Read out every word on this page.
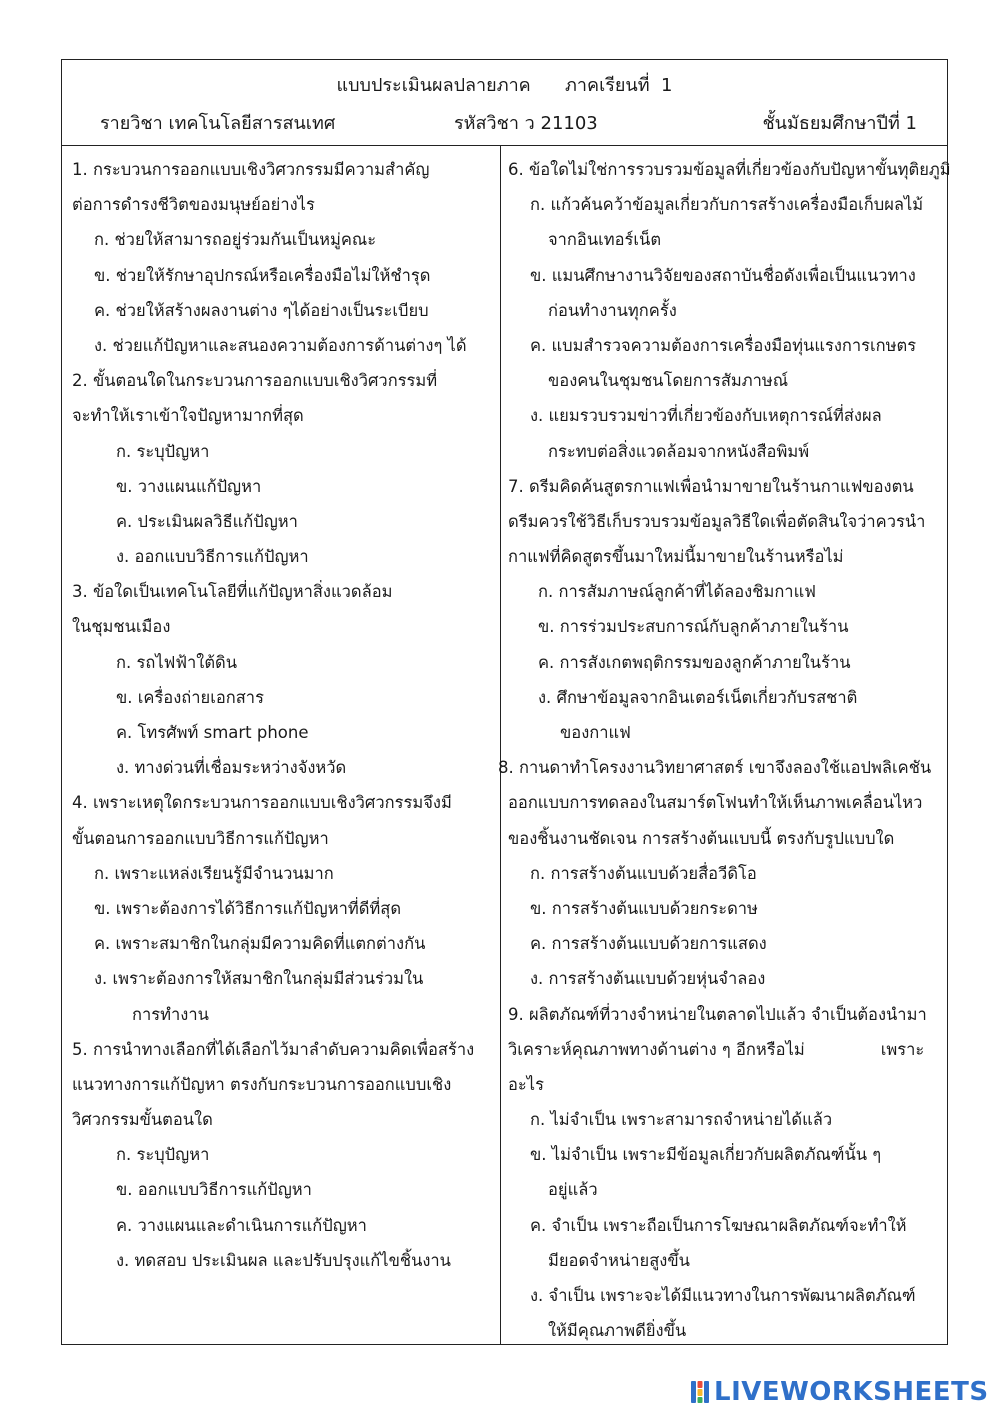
แบบประเมินผลปลายภาค      ภาคเรียนที่  1
รายวิชา เทคโนโลยีสารสนเทศ	รหัสวิชา ว 21103	ชั้นมัธยมศึกษาปีที่ 1
1. กระบวนการออกแบบเชิงวิศวกรรมมีความสำคัญ
ต่อการดำรงชีวิตของมนุษย์อย่างไร
ก. ช่วยให้สามารถอยู่ร่วมกันเป็นหมู่คณะ
ข. ช่วยให้รักษาอุปกรณ์หรือเครื่องมือไม่ให้ชำรุด
ค. ช่วยให้สร้างผลงานต่าง ๆได้อย่างเป็นระเบียบ
ง. ช่วยแก้ปัญหาและสนองความต้องการด้านต่างๆ ได้
2. ขั้นตอนใดในกระบวนการออกแบบเชิงวิศวกรรมที่
จะทำให้เราเข้าใจปัญหามากที่สุด
ก. ระบุปัญหา
ข. วางแผนแก้ปัญหา
ค. ประเมินผลวิธีแก้ปัญหา
ง. ออกแบบวิธีการแก้ปัญหา
3. ข้อใดเป็นเทคโนโลยีที่แก้ปัญหาสิ่งแวดล้อม
ในชุมชนเมือง
ก. รถไฟฟ้าใต้ดิน
ข. เครื่องถ่ายเอกสาร
ค. โทรศัพท์ smart phone
ง. ทางด่วนที่เชื่อมระหว่างจังหวัด
4. เพราะเหตุใดกระบวนการออกแบบเชิงวิศวกรรมจึงมี
ขั้นตอนการออกแบบวิธีการแก้ปัญหา
ก. เพราะแหล่งเรียนรู้มีจำนวนมาก
ข. เพราะต้องการได้วิธีการแก้ปัญหาที่ดีที่สุด
ค. เพราะสมาชิกในกลุ่มมีความคิดที่แตกต่างกัน
ง. เพราะต้องการให้สมาชิกในกลุ่มมีส่วนร่วมใน
การทำงาน
5. การนำทางเลือกที่ได้เลือกไว้มาลำดับความคิดเพื่อสร้าง
แนวทางการแก้ปัญหา ตรงกับกระบวนการออกแบบเชิง
วิศวกรรมขั้นตอนใด
ก. ระบุปัญหา
ข. ออกแบบวิธีการแก้ปัญหา
ค. วางแผนและดำเนินการแก้ปัญหา
ง. ทดสอบ ประเมินผล และปรับปรุงแก้ไขชิ้นงาน
6. ข้อใดไม่ใช่การรวบรวมข้อมูลที่เกี่ยวข้องกับปัญหาขั้นทุติยภูมิ
ก. แก้วค้นคว้าข้อมูลเกี่ยวกับการสร้างเครื่องมือเก็บผลไม้
จากอินเทอร์เน็ต
ข. แมนศึกษางานวิจัยของสถาบันชื่อดังเพื่อเป็นแนวทาง
ก่อนทำงานทุกครั้ง
ค. แบมสำรวจความต้องการเครื่องมือทุ่นแรงการเกษตร
ของคนในชุมชนโดยการสัมภาษณ์
ง. แยมรวบรวมข่าวที่เกี่ยวข้องกับเหตุการณ์ที่ส่งผล
กระทบต่อสิ่งแวดล้อมจากหนังสือพิมพ์
7. ดรีมคิดค้นสูตรกาแฟเพื่อนำมาขายในร้านกาแฟของตน
ดรีมควรใช้วิธีเก็บรวบรวมข้อมูลวิธีใดเพื่อตัดสินใจว่าควรนำ
กาแฟที่คิดสูตรขึ้นมาใหม่นี้มาขายในร้านหรือไม่
ก. การสัมภาษณ์ลูกค้าที่ได้ลองชิมกาแฟ
ข. การร่วมประสบการณ์กับลูกค้าภายในร้าน
ค. การสังเกตพฤติกรรมของลูกค้าภายในร้าน
ง. ศึกษาข้อมูลจากอินเตอร์เน็ตเกี่ยวกับรสชาติ
ของกาแฟ
8. กานดาทำโครงงานวิทยาศาสตร์ เขาจึงลองใช้แอปพลิเคชัน
ออกแบบการทดลองในสมาร์ตโฟนทำให้เห็นภาพเคลื่อนไหว
ของชิ้นงานชัดเจน การสร้างต้นแบบนี้ ตรงกับรูปแบบใด
ก. การสร้างต้นแบบด้วยสื่อวีดิโอ
ข. การสร้างต้นแบบด้วยกระดาษ
ค. การสร้างต้นแบบด้วยการแสดง
ง. การสร้างต้นแบบด้วยหุ่นจำลอง
9. ผลิตภัณฑ์ที่วางจำหน่ายในตลาดไปแล้ว จำเป็นต้องนำมา
วิเคราะห์คุณภาพทางด้านต่าง ๆ อีกหรือไม่	เพราะ
อะไร
ก. ไม่จำเป็น เพราะสามารถจำหน่ายได้แล้ว
ข. ไม่จำเป็น เพราะมีข้อมูลเกี่ยวกับผลิตภัณฑ์นั้น ๆ
อยู่แล้ว
ค. จำเป็น เพราะถือเป็นการโฆษณาผลิตภัณฑ์จะทำให้
มียอดจำหน่ายสูงขึ้น
ง. จำเป็น เพราะจะได้มีแนวทางในการพัฒนาผลิตภัณฑ์
ให้มีคุณภาพดียิ่งขึ้น
LIVEWORKSHEETS
